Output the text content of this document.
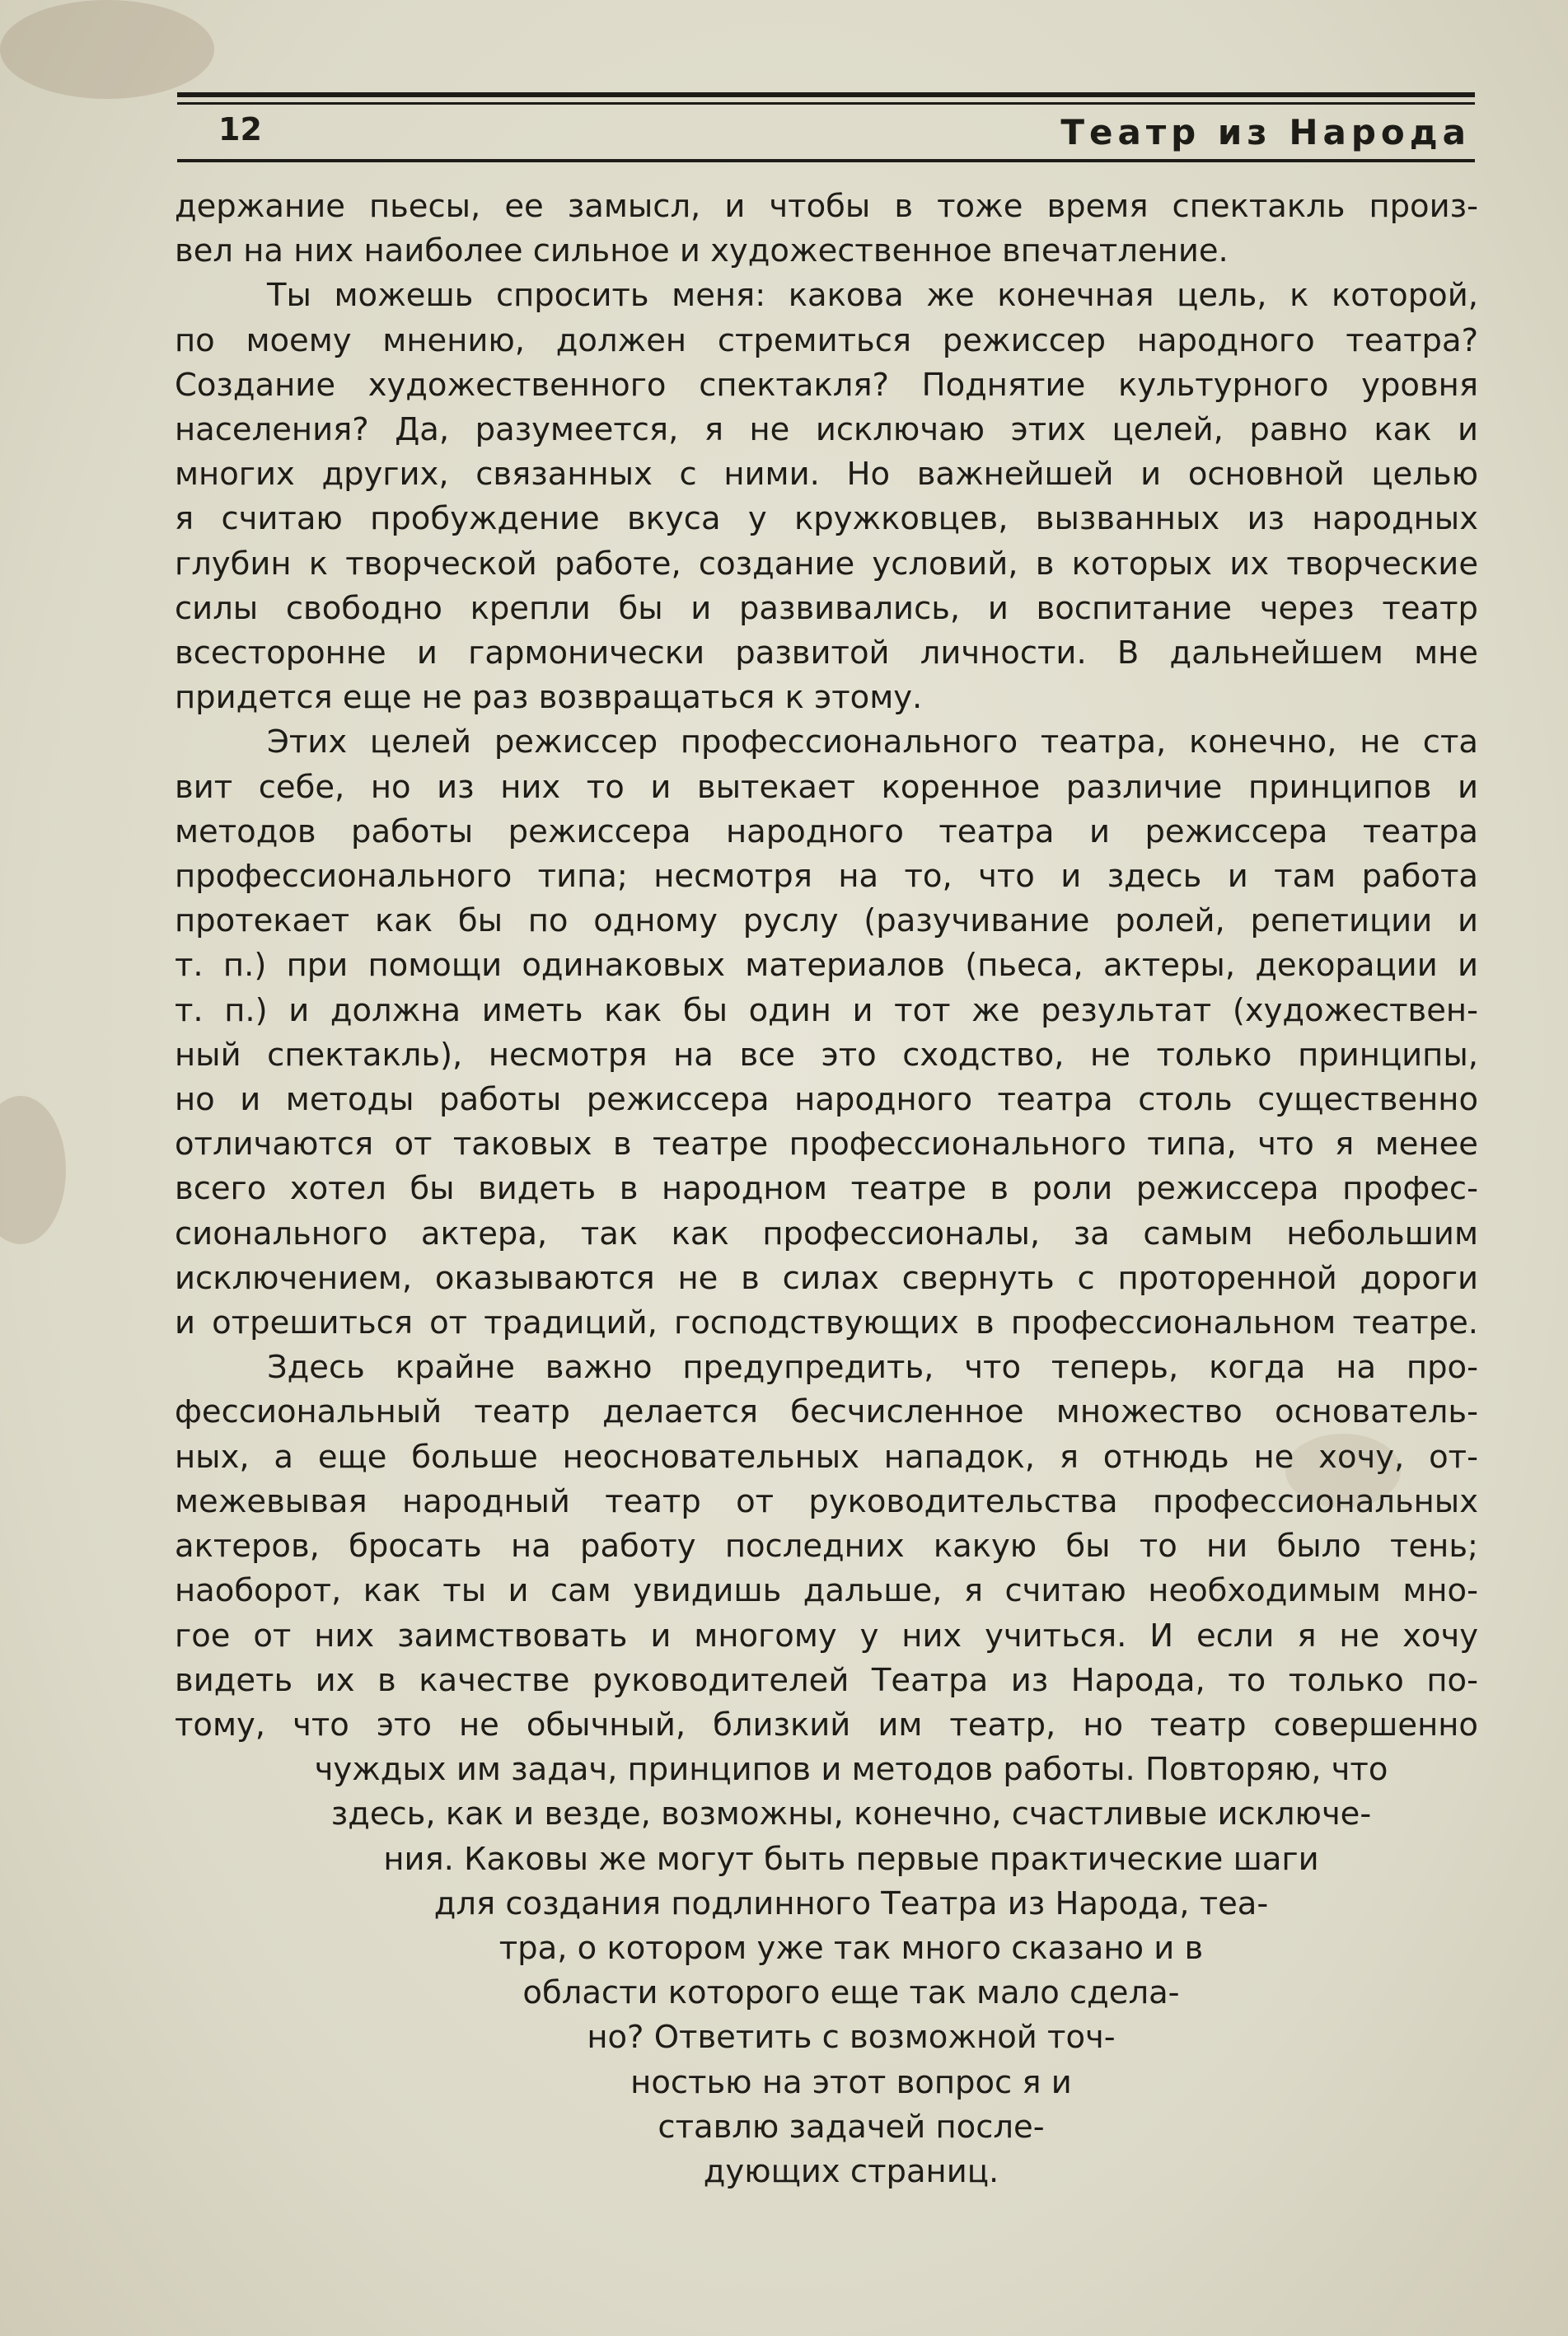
12	Театр из Народа
держание пьесы, ее замысл, и чтобы в тоже время спектакль произ-
вел на них наиболее сильное и художественное впечатление.
Ты можешь спросить меня: какова же конечная цель, к которой,
по моему мнению, должен стремиться режиссер народного театра?
Создание художественного спектакля? Поднятие культурного уровня
населения? Да, разумеется, я не исключаю этих целей, равно как и
многих других, связанных с ними. Но важнейшей и основной целью
я считаю пробуждение вкуса у кружковцев, вызванных из народных
глубин к творческой работе, создание условий, в которых их творческие
силы свободно крепли бы и развивались, и воспитание через театр
всесторонне и гармонически развитой личности. В дальнейшем мне
придется еще не раз возвращаться к этому.
Этих целей режиссер профессионального театра, конечно, не ста
вит себе, но из них то и вытекает коренное различие принципов и
методов работы режиссера народного театра и режиссера театра
профессионального типа; несмотря на то, что и здесь и там работа
протекает как бы по одному руслу (разучивание ролей, репетиции и
т. п.) при помощи одинаковых материалов (пьеса, актеры, декорации и
т. п.) и должна иметь как бы один и тот же результат (художествен-
ный спектакль), несмотря на все это сходство, не только принципы,
но и методы работы режиссера народного театра столь существенно
отличаются от таковых в театре профессионального типа, что я менее
всего хотел бы видеть в народном театре в роли режиссера профес-
сионального актера, так как профессионалы, за самым небольшим
исключением, оказываются не в силах свернуть с проторенной дороги
и отрешиться от традиций, господствующих в профессиональном театре.
Здесь крайне важно предупредить, что теперь, когда на про-
фессиональный театр делается бесчисленное множество основатель-
ных, а еще больше неосновательных нападок, я отнюдь не хочу, от-
межевывая народный театр от руководительства профессиональных
актеров, бросать на работу последних какую бы то ни было тень;
наоборот, как ты и сам увидишь дальше, я считаю необходимым мно-
гое от них заимствовать и многому у них учиться. И если я не хочу
видеть их в качестве руководителей Театра из Народа, то только по-
тому, что это не обычный, близкий им театр, но театр совершенно
чуждых им задач, принципов и методов работы. Повторяю, что
здесь, как и везде, возможны, конечно, счастливые исключе-
ния. Каковы же могут быть первые практические шаги
для создания подлинного Театра из Народа, теа-
тра, о котором уже так много сказано и в
области которого еще так мало сдела-
но? Ответить с возможной точ-
ностью на этот вопрос я и
ставлю задачей после-
дующих страниц.
